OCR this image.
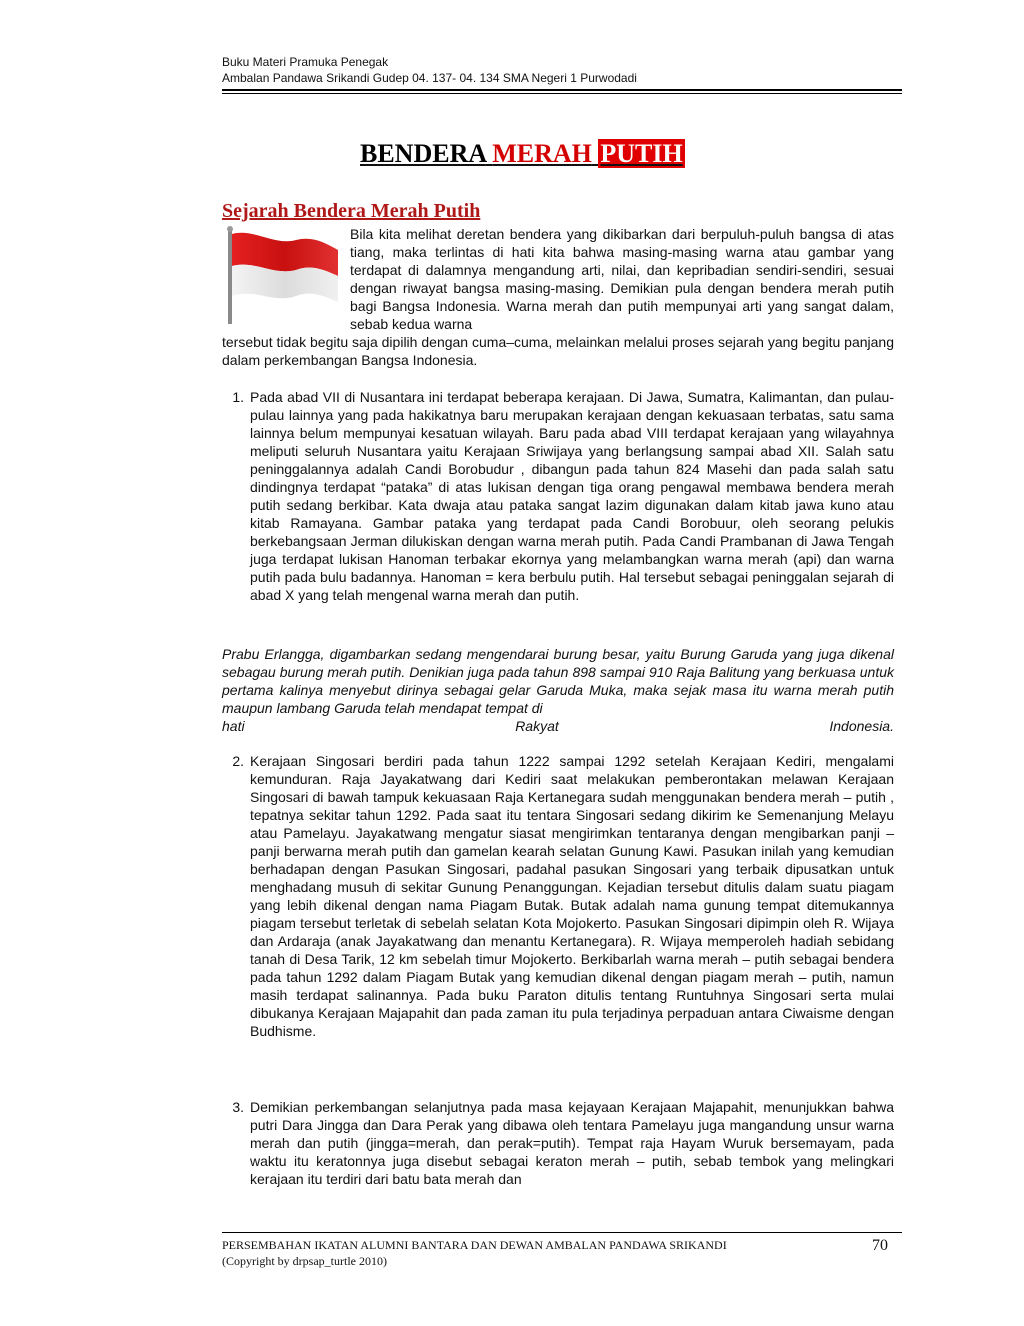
Buku Materi Pramuka Penegak
Ambalan Pandawa Srikandi Gudep 04. 137- 04. 134 SMA Negeri 1 Purwodadi
BENDERA MERAH PUTIH
Sejarah Bendera Merah Putih
Bila kita melihat deretan bendera yang dikibarkan dari berpuluh-puluh bangsa di atas tiang, maka terlintas di hati kita bahwa masing-masing warna atau gambar yang terdapat di dalamnya mengandung arti, nilai, dan kepribadian sendiri-sendiri, sesuai dengan riwayat bangsa masing-masing. Demikian pula dengan bendera merah putih bagi Bangsa Indonesia. Warna merah dan putih mempunyai arti yang sangat dalam, sebab kedua warna
tersebut tidak begitu saja dipilih dengan cuma–cuma, melainkan melalui proses sejarah yang begitu panjang dalam perkembangan Bangsa Indonesia.
1. Pada abad VII di Nusantara ini terdapat beberapa kerajaan. Di Jawa, Sumatra, Kalimantan, dan pulau-pulau lainnya yang pada hakikatnya baru merupakan kerajaan dengan kekuasaan terbatas, satu sama lainnya belum mempunyai kesatuan wilayah. Baru pada abad VIII terdapat kerajaan yang wilayahnya meliputi seluruh Nusantara yaitu Kerajaan Sriwijaya yang berlangsung sampai abad XII. Salah satu peninggalannya adalah Candi Borobudur , dibangun pada tahun 824 Masehi dan pada salah satu dindingnya terdapat “pataka” di atas lukisan dengan tiga orang pengawal membawa bendera merah putih sedang berkibar. Kata dwaja atau pataka sangat lazim digunakan dalam kitab jawa kuno atau kitab Ramayana. Gambar pataka yang terdapat pada Candi Borobuur, oleh seorang pelukis berkebangsaan Jerman dilukiskan dengan warna merah putih. Pada Candi Prambanan di Jawa Tengah juga terdapat lukisan Hanoman terbakar ekornya yang melambangkan warna merah (api) dan warna putih pada bulu badannya. Hanoman = kera berbulu putih. Hal tersebut sebagai peninggalan sejarah di abad X yang telah mengenal warna merah dan putih.
Prabu Erlangga, digambarkan sedang mengendarai burung besar, yaitu Burung Garuda yang juga dikenal sebagau burung merah putih. Denikian juga pada tahun 898 sampai 910 Raja Balitung yang berkuasa untuk pertama kalinya menyebut dirinya sebagai gelar Garuda Muka, maka sejak masa itu warna merah putih maupun lambang Garuda telah mendapat tempat di
hati	Rakyat	Indonesia.
2. Kerajaan Singosari berdiri pada tahun 1222 sampai 1292 setelah Kerajaan Kediri, mengalami kemunduran. Raja Jayakatwang dari Kediri saat melakukan pemberontakan melawan Kerajaan Singosari di bawah tampuk kekuasaan Raja Kertanegara sudah menggunakan bendera merah – putih , tepatnya sekitar tahun 1292. Pada saat itu tentara Singosari sedang dikirim ke Semenanjung Melayu atau Pamelayu. Jayakatwang mengatur siasat mengirimkan tentaranya dengan mengibarkan panji – panji berwarna merah putih dan gamelan kearah selatan Gunung Kawi. Pasukan inilah yang kemudian berhadapan dengan Pasukan Singosari, padahal pasukan Singosari yang terbaik dipusatkan untuk menghadang musuh di sekitar Gunung Penanggungan. Kejadian tersebut ditulis dalam suatu piagam yang lebih dikenal dengan nama Piagam Butak. Butak adalah nama gunung tempat ditemukannya piagam tersebut terletak di sebelah selatan Kota Mojokerto. Pasukan Singosari dipimpin oleh R. Wijaya dan Ardaraja (anak Jayakatwang dan menantu Kertanegara). R. Wijaya memperoleh hadiah sebidang tanah di Desa Tarik, 12 km sebelah timur Mojokerto. Berkibarlah warna merah – putih sebagai bendera pada tahun 1292 dalam Piagam Butak yang kemudian dikenal dengan piagam merah – putih, namun masih terdapat salinannya. Pada buku Paraton ditulis tentang Runtuhnya Singosari serta mulai dibukanya Kerajaan Majapahit dan pada zaman itu pula terjadinya perpaduan antara Ciwaisme dengan Budhisme.
3. Demikian perkembangan selanjutnya pada masa kejayaan Kerajaan Majapahit, menunjukkan bahwa putri Dara Jingga dan Dara Perak yang dibawa oleh tentara Pamelayu juga mangandung unsur warna merah dan putih (jingga=merah, dan perak=putih). Tempat raja Hayam Wuruk bersemayam, pada waktu itu keratonnya juga disebut sebagai keraton merah – putih, sebab tembok yang melingkari kerajaan itu terdiri dari batu bata merah dan
PERSEMBAHAN IKATAN ALUMNI BANTARA DAN DEWAN AMBALAN PANDAWA SRIKANDI
(Copyright by drpsap_turtle 2010)
70
